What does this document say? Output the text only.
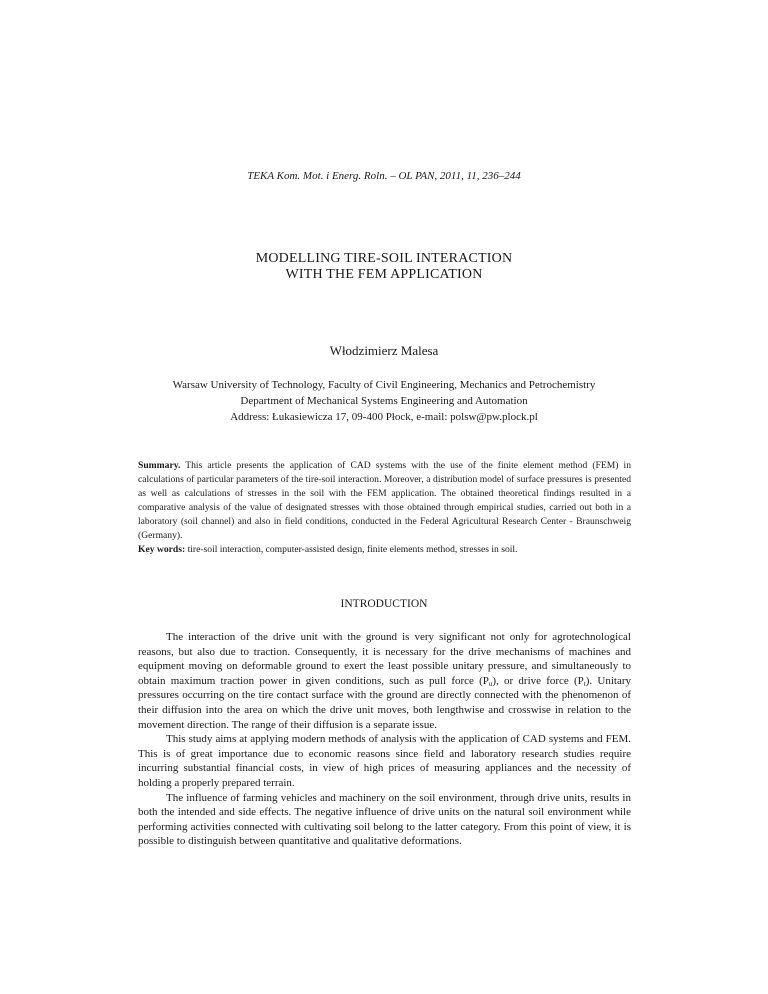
TEKA Kom. Mot. i Energ. Roln. – OL PAN, 2011, 11, 236–244
MODELLING TIRE-SOIL INTERACTION
WITH THE FEM APPLICATION
Włodzimierz Malesa
Warsaw University of Technology, Faculty of Civil Engineering, Mechanics and Petrochemistry
Department of Mechanical Systems Engineering and Automation
Address: Łukasiewicza 17, 09-400 Płock, e-mail: polsw@pw.plock.pl
Summary. This article presents the application of CAD systems with the use of the finite element method (FEM) in calculations of particular parameters of the tire-soil interaction. Moreover, a distribution model of surface pressures is presented as well as calculations of stresses in the soil with the FEM application. The obtained theoretical findings resulted in a comparative analysis of the value of designated stresses with those obtained through empirical studies, carried out both in a laboratory (soil channel) and also in field conditions, conducted in the Federal Agricultural Research Center - Braunschweig (Germany).
Key words: tire-soil interaction, computer-assisted design, finite elements method, stresses in soil.
INTRODUCTION

The interaction of the drive unit with the ground is very significant not only for agrotechnological reasons, but also due to traction. Consequently, it is necessary for the drive mechanisms of machines and equipment moving on deformable ground to exert the least possible unitary pressure, and simultaneously to obtain maximum traction power in given conditions, such as pull force $(P_u)$, or drive force $(P_t)$. Unitary pressures occurring on the tire contact surface with the ground are directly connected with the phenomenon of their diffusion into the area on which the drive unit moves, both lengthwise and crosswise in relation to the movement direction. The range of their diffusion is a separate issue.

This study aims at applying modern methods of analysis with the application of CAD systems and FEM. This is of great importance due to economic reasons since field and laboratory research studies require incurring substantial financial costs, in view of high prices of measuring appliances and the necessity of holding a properly prepared terrain.

The influence of farming vehicles and machinery on the soil environment, through drive units, results in both the intended and side effects. The negative influence of drive units on the natural soil environment while performing activities connected with cultivating soil belong to the latter category. From this point of view, it is possible to distinguish between quantitative and qualitative deformations.
